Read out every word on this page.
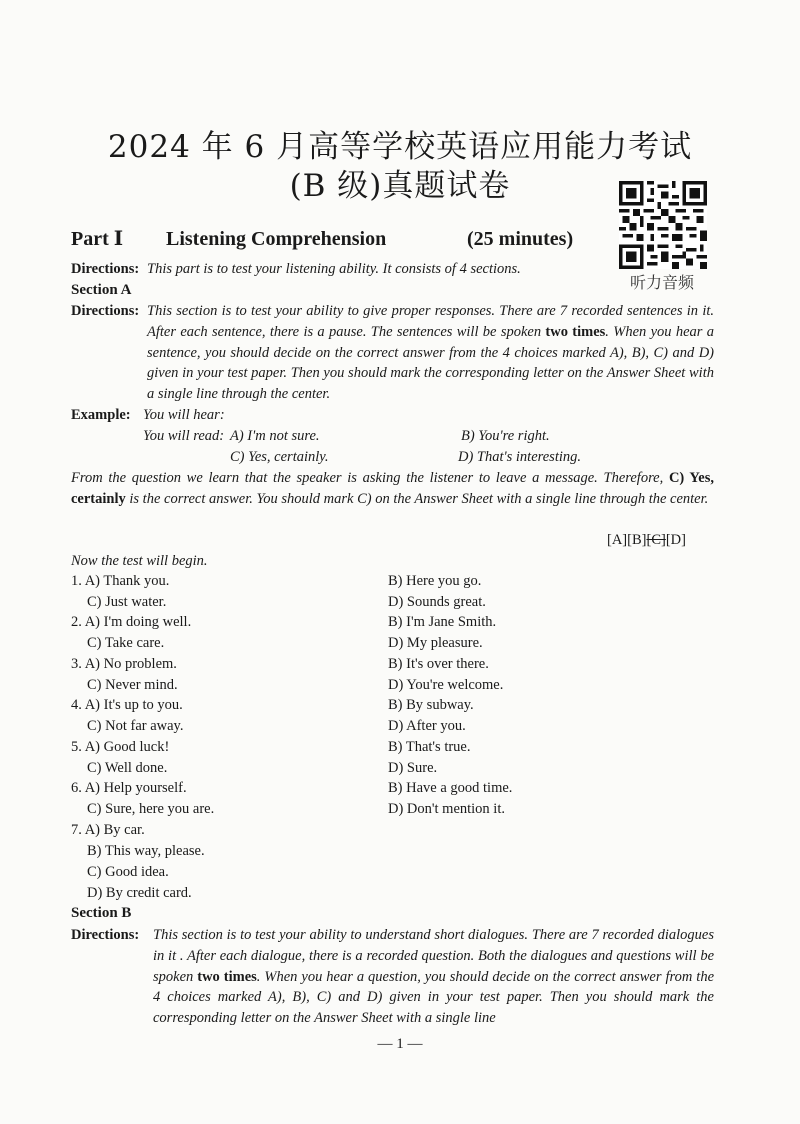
2024 年 6 月高等学校英语应用能力考试
(B 级)真题试卷
听力音频
Part Ⅰ Listening Comprehension	(25 minutes)
Directions: This part is to test your listening ability. It consists of 4 sections.
Section A
Directions: This section is to test your ability to give proper responses. There are 7 recorded sentences in it. After each sentence, there is a pause. The sentences will be spoken two times. When you hear a sentence, you should decide on the correct answer from the 4 choices marked A), B), C) and D) given in your test paper. Then you should mark the corresponding letter on the Answer Sheet with a single line through the center.
Example: You will hear:
You will read: A) I'm not sure.	B) You're right.
C) Yes, certainly.	D) That's interesting.
From the question we learn that the speaker is asking the listener to leave a message. Therefore, C) Yes, certainly is the correct answer. You should mark C) on the Answer Sheet with a single line through the center.
[A][B][C][D]
Now the test will begin.
1. A) Thank you.	B) Here you go.
C) Just water.	D) Sounds great.
2. A) I'm doing well.	B) I'm Jane Smith.
C) Take care.	D) My pleasure.
3. A) No problem.	B) It's over there.
C) Never mind.	D) You're welcome.
4. A) It's up to you.	B) By subway.
C) Not far away.	D) After you.
5. A) Good luck!	B) That's true.
C) Well done.	D) Sure.
6. A) Help yourself.	B) Have a good time.
C) Sure, here you are.	D) Don't mention it.
7. A) By car.
B) This way, please.
C) Good idea.
D) By credit card.
Section B
Directions: This section is to test your ability to understand short dialogues. There are 7 recorded dialogues in it . After each dialogue, there is a recorded question. Both the dialogues and questions will be spoken two times. When you hear a question, you should decide on the correct answer from the 4 choices marked A), B), C) and D) given in your test paper. Then you should mark the corresponding letter on the Answer Sheet with a single line
— 1 —
